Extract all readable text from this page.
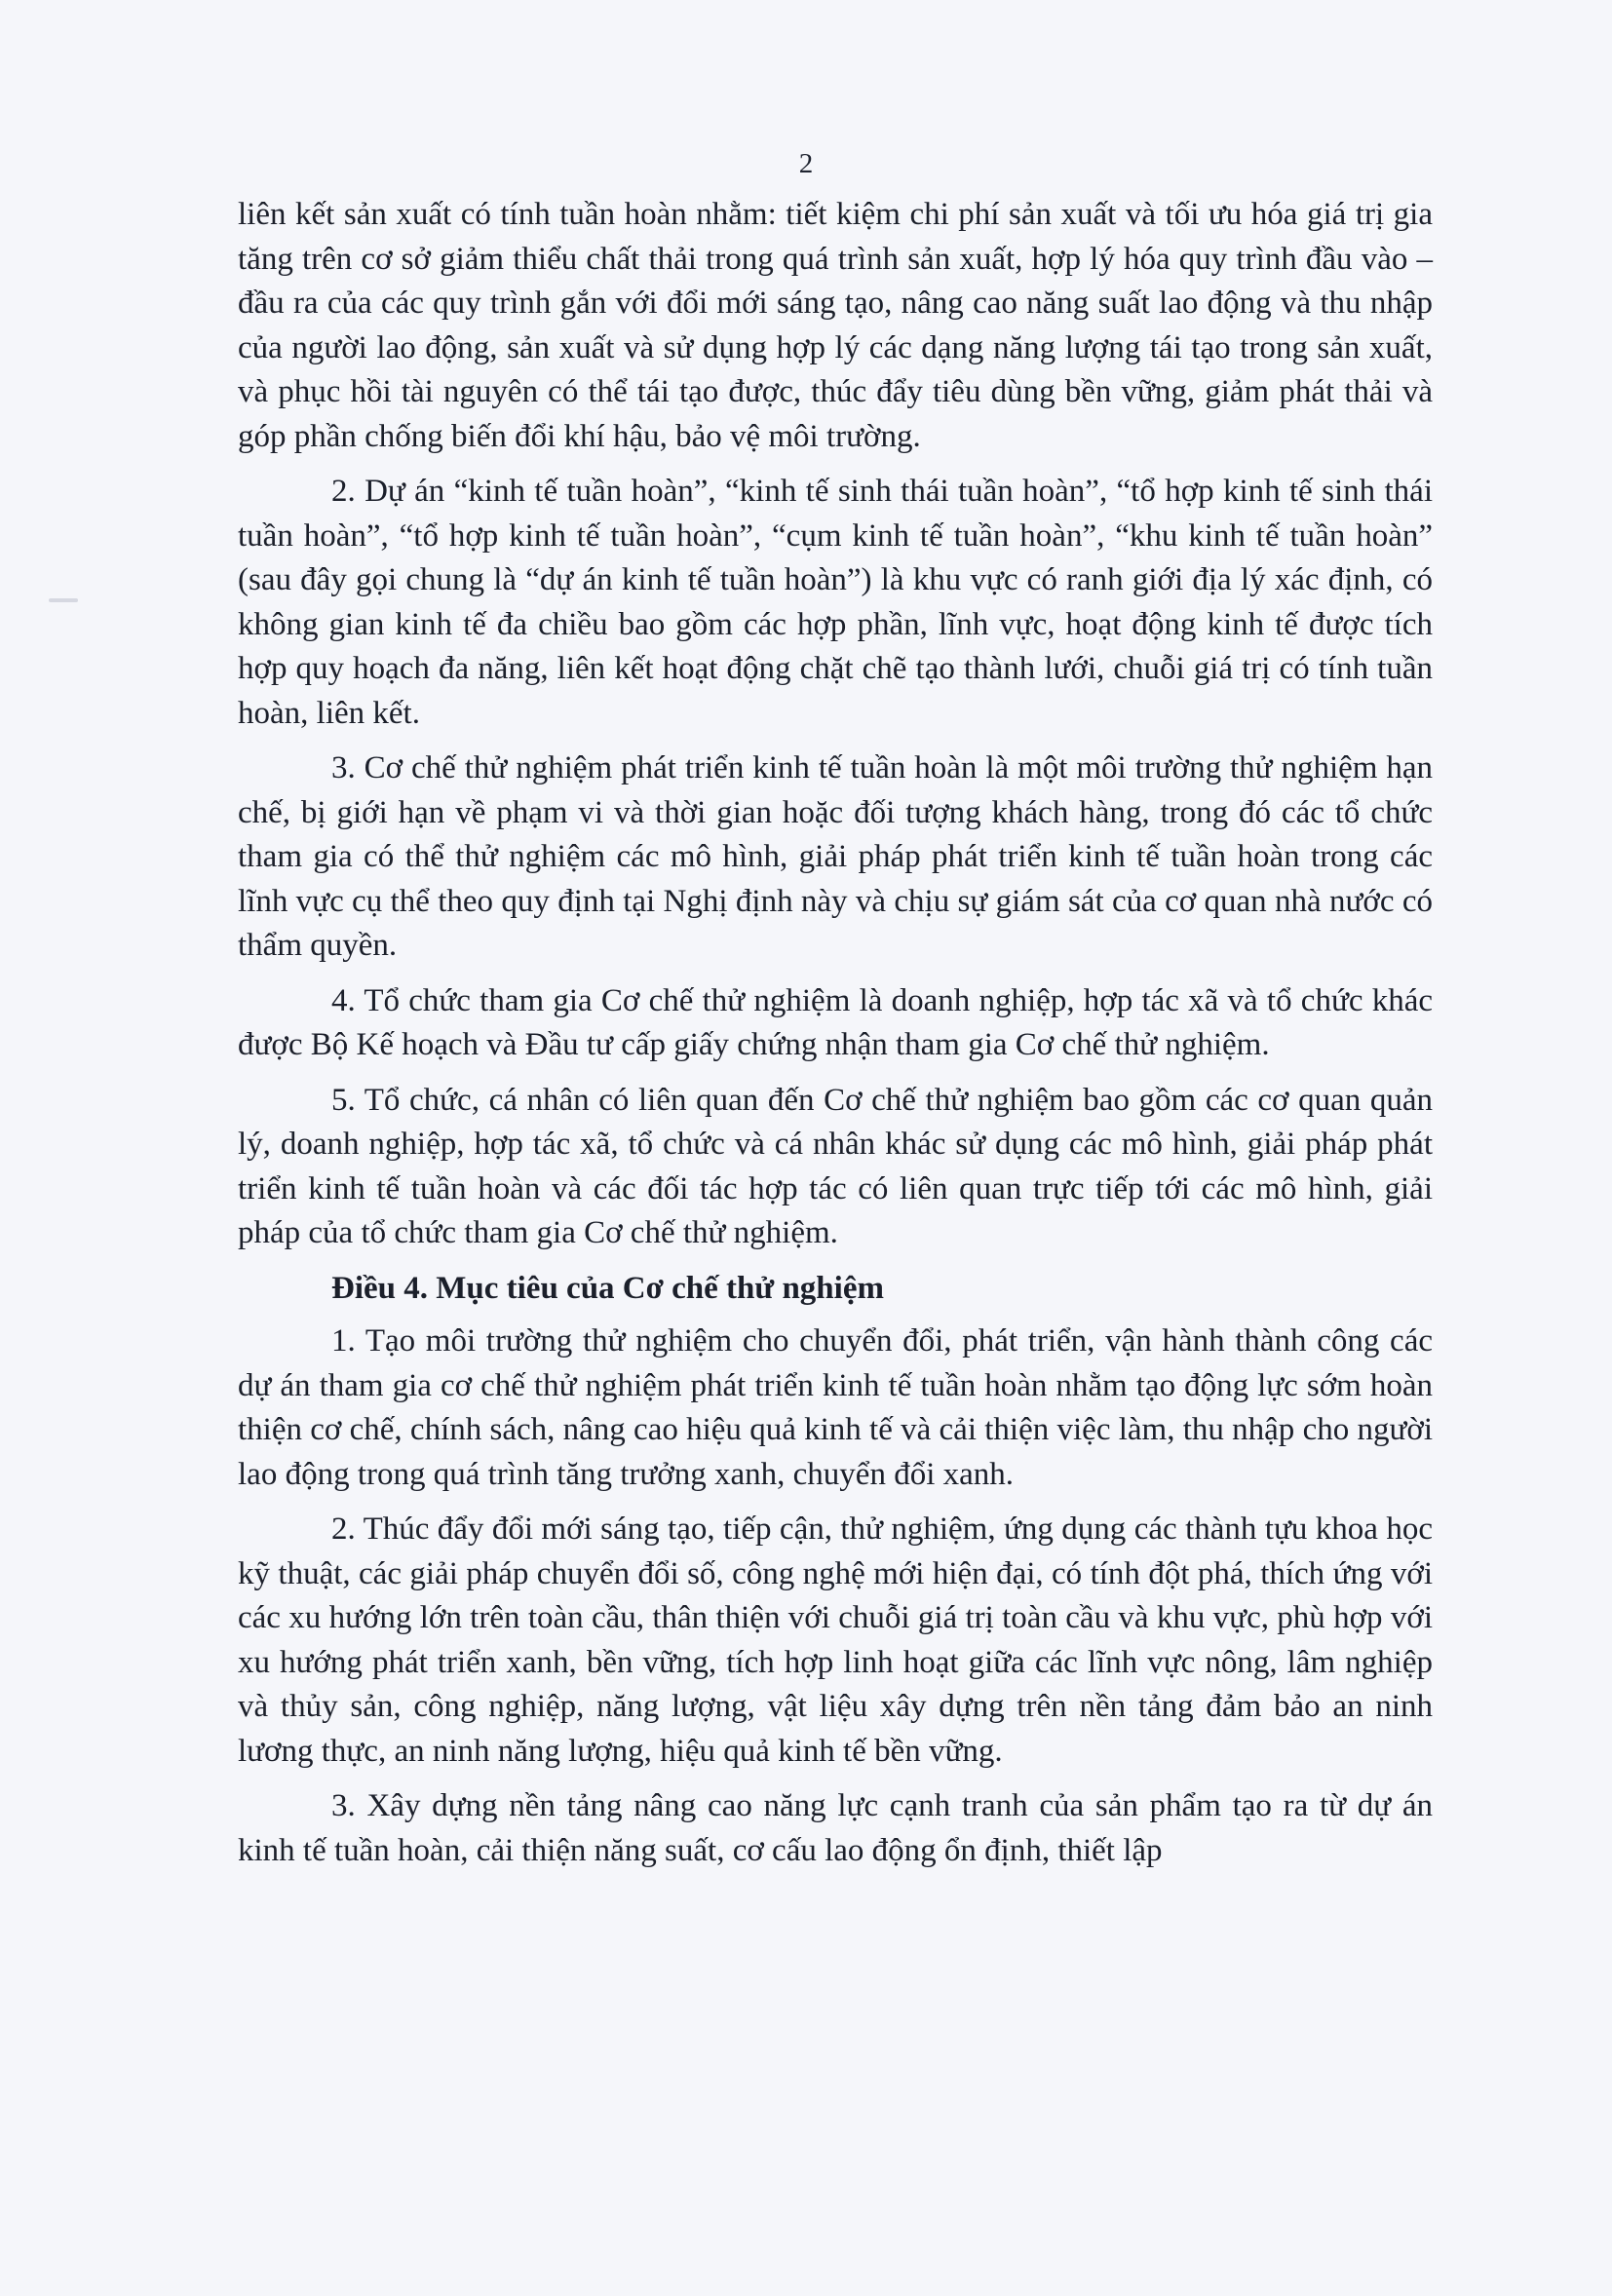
2

liên kết sản xuất có tính tuần hoàn nhằm: tiết kiệm chi phí sản xuất và tối ưu hóa giá trị gia tăng trên cơ sở giảm thiểu chất thải trong quá trình sản xuất, hợp lý hóa quy trình đầu vào – đầu ra của các quy trình gắn với đổi mới sáng tạo, nâng cao năng suất lao động và thu nhập của người lao động, sản xuất và sử dụng hợp lý các dạng năng lượng tái tạo trong sản xuất, và phục hồi tài nguyên có thể tái tạo được, thúc đẩy tiêu dùng bền vững, giảm phát thải và góp phần chống biến đổi khí hậu, bảo vệ môi trường.

2. Dự án “kinh tế tuần hoàn”, “kinh tế sinh thái tuần hoàn”, “tổ hợp kinh tế sinh thái tuần hoàn”, “tổ hợp kinh tế tuần hoàn”, “cụm kinh tế tuần hoàn”, “khu kinh tế tuần hoàn” (sau đây gọi chung là “dự án kinh tế tuần hoàn”) là khu vực có ranh giới địa lý xác định, có không gian kinh tế đa chiều bao gồm các hợp phần, lĩnh vực, hoạt động kinh tế được tích hợp quy hoạch đa năng, liên kết hoạt động chặt chẽ tạo thành lưới, chuỗi giá trị có tính tuần hoàn, liên kết.

3. Cơ chế thử nghiệm phát triển kinh tế tuần hoàn là một môi trường thử nghiệm hạn chế, bị giới hạn về phạm vi và thời gian hoặc đối tượng khách hàng, trong đó các tổ chức tham gia có thể thử nghiệm các mô hình, giải pháp phát triển kinh tế tuần hoàn trong các lĩnh vực cụ thể theo quy định tại Nghị định này và chịu sự giám sát của cơ quan nhà nước có thẩm quyền.

4. Tổ chức tham gia Cơ chế thử nghiệm là doanh nghiệp, hợp tác xã và tổ chức khác được Bộ Kế hoạch và Đầu tư cấp giấy chứng nhận tham gia Cơ chế thử nghiệm.

5. Tổ chức, cá nhân có liên quan đến Cơ chế thử nghiệm bao gồm các cơ quan quản lý, doanh nghiệp, hợp tác xã, tổ chức và cá nhân khác sử dụng các mô hình, giải pháp phát triển kinh tế tuần hoàn và các đối tác hợp tác có liên quan trực tiếp tới các mô hình, giải pháp của tổ chức tham gia Cơ chế thử nghiệm.

Điều 4. Mục tiêu của Cơ chế thử nghiệm

1. Tạo môi trường thử nghiệm cho chuyển đổi, phát triển, vận hành thành công các dự án tham gia cơ chế thử nghiệm phát triển kinh tế tuần hoàn nhằm tạo động lực sớm hoàn thiện cơ chế, chính sách, nâng cao hiệu quả kinh tế và cải thiện việc làm, thu nhập cho người lao động trong quá trình tăng trưởng xanh, chuyển đổi xanh.

2. Thúc đẩy đổi mới sáng tạo, tiếp cận, thử nghiệm, ứng dụng các thành tựu khoa học kỹ thuật, các giải pháp chuyển đổi số, công nghệ mới hiện đại, có tính đột phá, thích ứng với các xu hướng lớn trên toàn cầu, thân thiện với chuỗi giá trị toàn cầu và khu vực, phù hợp với xu hướng phát triển xanh, bền vững, tích hợp linh hoạt giữa các lĩnh vực nông, lâm nghiệp và thủy sản, công nghiệp, năng lượng, vật liệu xây dựng trên nền tảng đảm bảo an ninh lương thực, an ninh năng lượng, hiệu quả kinh tế bền vững.

3. Xây dựng nền tảng nâng cao năng lực cạnh tranh của sản phẩm tạo ra từ dự án kinh tế tuần hoàn, cải thiện năng suất, cơ cấu lao động ổn định, thiết lập
